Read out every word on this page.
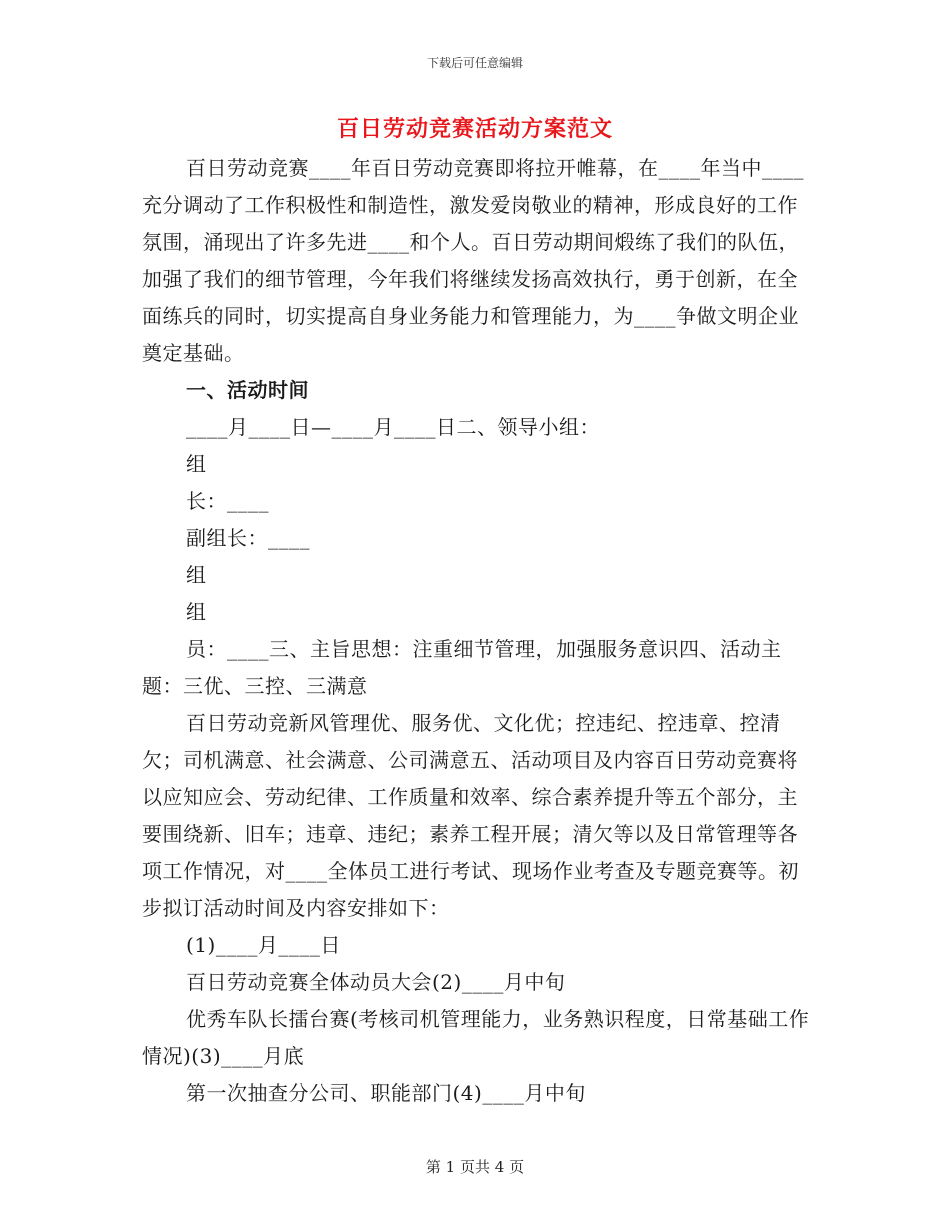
下载后可任意编辑
百日劳动竞赛活动方案范文

百日劳动竞赛____年百日劳动竞赛即将拉开帷幕，在____年当中____充分调动了工作积极性和制造性，激发爱岗敬业的精神，形成良好的工作氛围，涌现出了许多先进____和个人。百日劳动期间煅练了我们的队伍，加强了我们的细节管理，今年我们将继续发扬高效执行，勇于创新，在全面练兵的同时，切实提高自身业务能力和管理能力，为____争做文明企业奠定基础。

一、活动时间

____月____日—____月____日二、领导小组：

组

长：____

副组长：____

组

组

员：____三、主旨思想：注重细节管理，加强服务意识四、活动主题：三优、三控、三满意

百日劳动竞新风管理优、服务优、文化优；控违纪、控违章、控清欠；司机满意、社会满意、公司满意五、活动项目及内容百日劳动竞赛将以应知应会、劳动纪律、工作质量和效率、综合素养提升等五个部分，主要围绕新、旧车；违章、违纪；素养工程开展；清欠等以及日常管理等各项工作情况，对____全体员工进行考试、现场作业考查及专题竞赛等。初步拟订活动时间及内容安排如下：

(1)____月____日

百日劳动竞赛全体动员大会(2)____月中旬

优秀车队长擂台赛(考核司机管理能力，业务熟识程度，日常基础工作情况)(3)____月底

第一次抽查分公司、职能部门(4)____月中旬

第 1 页共 4 页
